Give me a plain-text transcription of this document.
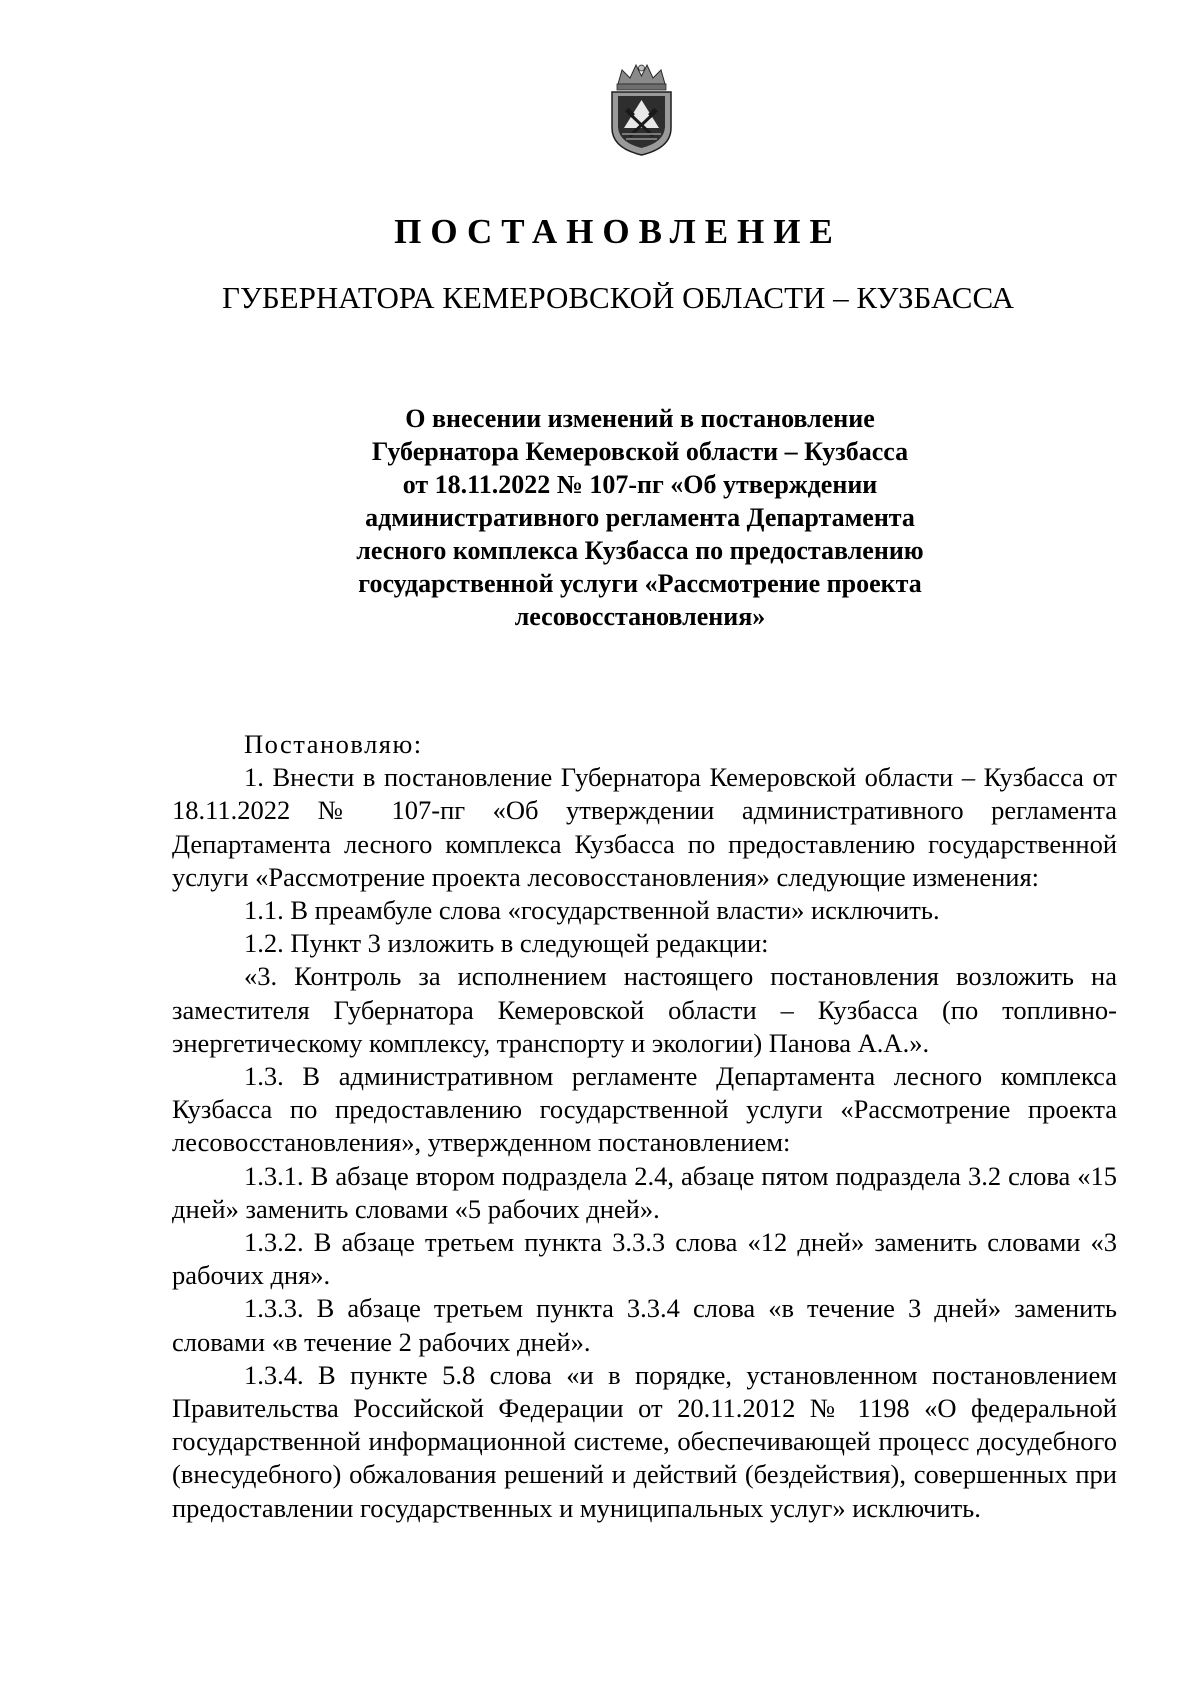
ПОСТАНОВЛЕНИЕ
ГУБЕРНАТОРА КЕМЕРОВСКОЙ ОБЛАСТИ – КУЗБАССА
О внесении изменений в постановление
Губернатора Кемеровской области – Кузбасса
от 18.11.2022 № 107-пг «Об утверждении
административного регламента Департамента
лесного комплекса Кузбасса по предоставлению
государственной услуги «Рассмотрение проекта
лесовосстановления»

Постановляю:

1. Внести в постановление Губернатора Кемеровской области – Кузбасса от 18.11.2022 № 107-пг «Об утверждении административного регламента Департамента лесного комплекса Кузбасса по предоставлению государственной услуги «Рассмотрение проекта лесовосстановления» следующие изменения:

1.1. В преамбуле слова «государственной власти» исключить.

1.2. Пункт 3 изложить в следующей редакции:

«3. Контроль за исполнением настоящего постановления возложить на заместителя Губернатора Кемеровской области – Кузбасса (по топливно-энергетическому комплексу, транспорту и экологии) Панова А.А.».

1.3. В административном регламенте Департамента лесного комплекса Кузбасса по предоставлению государственной услуги «Рассмотрение проекта лесовосстановления», утвержденном постановлением:

1.3.1. В абзаце втором подраздела 2.4, абзаце пятом подраздела 3.2 слова «15 дней» заменить словами «5 рабочих дней».

1.3.2. В абзаце третьем пункта 3.3.3 слова «12 дней» заменить словами «3 рабочих дня».

1.3.3. В абзаце третьем пункта 3.3.4 слова «в течение 3 дней» заменить словами «в течение 2 рабочих дней».

1.3.4. В пункте 5.8 слова «и в порядке, установленном постановлением Правительства Российской Федерации от 20.11.2012 № 1198 «О федеральной государственной информационной системе, обеспечивающей процесс досудебного (внесудебного) обжалования решений и действий (бездействия), совершенных при предоставлении государственных и муниципальных услуг» исключить.
